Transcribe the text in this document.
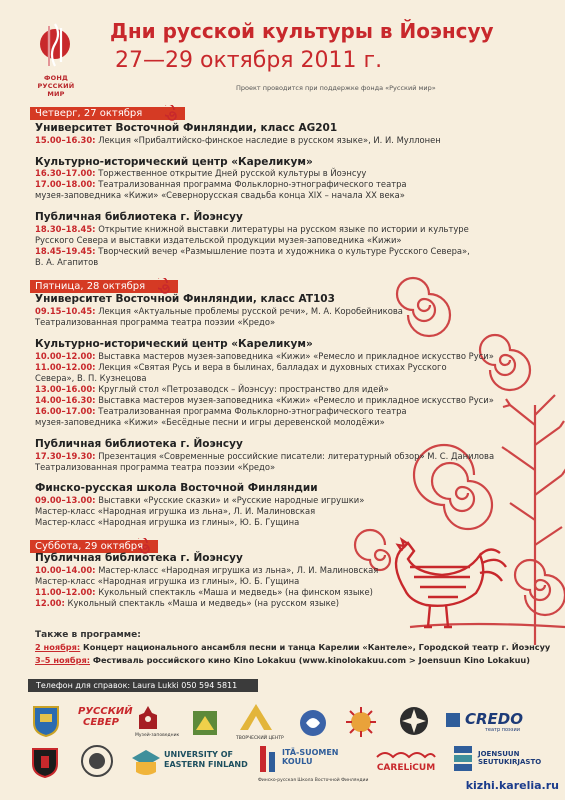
ФОНД РУССКИЙ МИР
Дни русской культуры в Йоэнсуу
27—29 октября 2011 г.
Проект проводится при поддержке фонда «Русский мир»
Четверг, 27 октября
Университет Восточной Финляндии, класс AG201
15.00–16.30: Лекция «Прибалтийско-финское наследие в русском языке», И. И. Муллонен
Культурно-исторический центр «Карeликум»
16.30–17.00: Торжественное открытие Дней русской культуры в Йоэнсуу
17.00–18.00: Театрализованная программа Фольклорно-этнографического театра
музея-заповедника «Кижи» «Севернорусская свадьба конца XIX – начала XX века»
Публичная библиотека г. Йоэнсуу
18.30–18.45: Открытие книжной выставки литературы на русском языке по истории и культуре
Русского Севера и выставки издательской продукции музея-заповедника «Кижи»
18.45–19.45: Творческий вечер «Размышление поэта и художника о культуре Русского Севера»,
В. А. Агапитов
Пятница, 28 октября
Университет Восточной Финляндии, класс AT103
09.15–10.45: Лекция «Актуальные проблемы русской речи», М. А. Коробейникова
Театрализованная программа театра поэзии «Кредо»
Культурно-исторический центр «Карeликум»
10.00–12.00: Выставка мастеров музея-заповедника «Кижи» «Ремесло и прикладное искусство Руси»
11.00–12.00: Лекция «Святая Русь и вера в былинах, балладах и духовных стихах Русского
Севера», В. П. Кузнецова
13.00–16.00: Круглый стол «Петрозаводск – Йоэнсуу: пространство для идей»
14.00–16.30: Выставка мастеров музея-заповедника «Кижи» «Ремесло и прикладное искусство Руси»
16.00–17.00: Театрализованная программа Фольклорно-этнографического театра
музея-заповедника «Кижи» «Бесёдные песни и игры деревенской молодёжи»
Публичная библиотека г. Йоэнсуу
17.30–19.30: Презентация «Современные российские писатели: литературный обзор» М. С. Данилова
Театрализованная программа театра поэзии «Кредо»
Финско-русская школа Восточной Финляндии
09.00–13.00: Выставки «Русские сказки» и «Русские народные игрушки»
Мастер-класс «Народная игрушка из льна», Л. И. Малиновская
Мастер-класс «Народная игрушка из глины», Ю. Б. Гущина
Суббота, 29 октября
Публичная библиотека г. Йоэнсуу
10.00–14.00: Мастер-класс «Народная игрушка из льна», Л. И. Малиновская
Мастер-класс «Народная игрушка из глины», Ю. Б. Гущина
11.00–12.00: Кукольный спектакль «Маша и медведь» (на финском языке)
12.00: Кукольный спектакль «Маша и медведь» (на русском языке)
Также в программе:
2 ноября: Концерт национального ансамбля песни и танца Карелии «Кантеле», Городской театр г. Йоэнсуу
3–5 ноября: Фестиваль российского кино Kino Lokakuu (www.kinolokakuu.com > Joensuun Kino Lokakuu)
Телефон для справок: Laura Lukki 050 594 5811
РУССКИЙ СЕВЕР
Музей-заповедник
ТВОРЧЕСКИЙ ЦЕНТР
CREDO
театр поэзии
UNIVERSITY OF EASTERN FINLAND
ITÄ-SUOMEN KOULU
Финско-русская Школа Восточной Финляндии
CARELiCUM
JOENSUUN SEUTUKIRJASTO
kizhi.karelia.ru
